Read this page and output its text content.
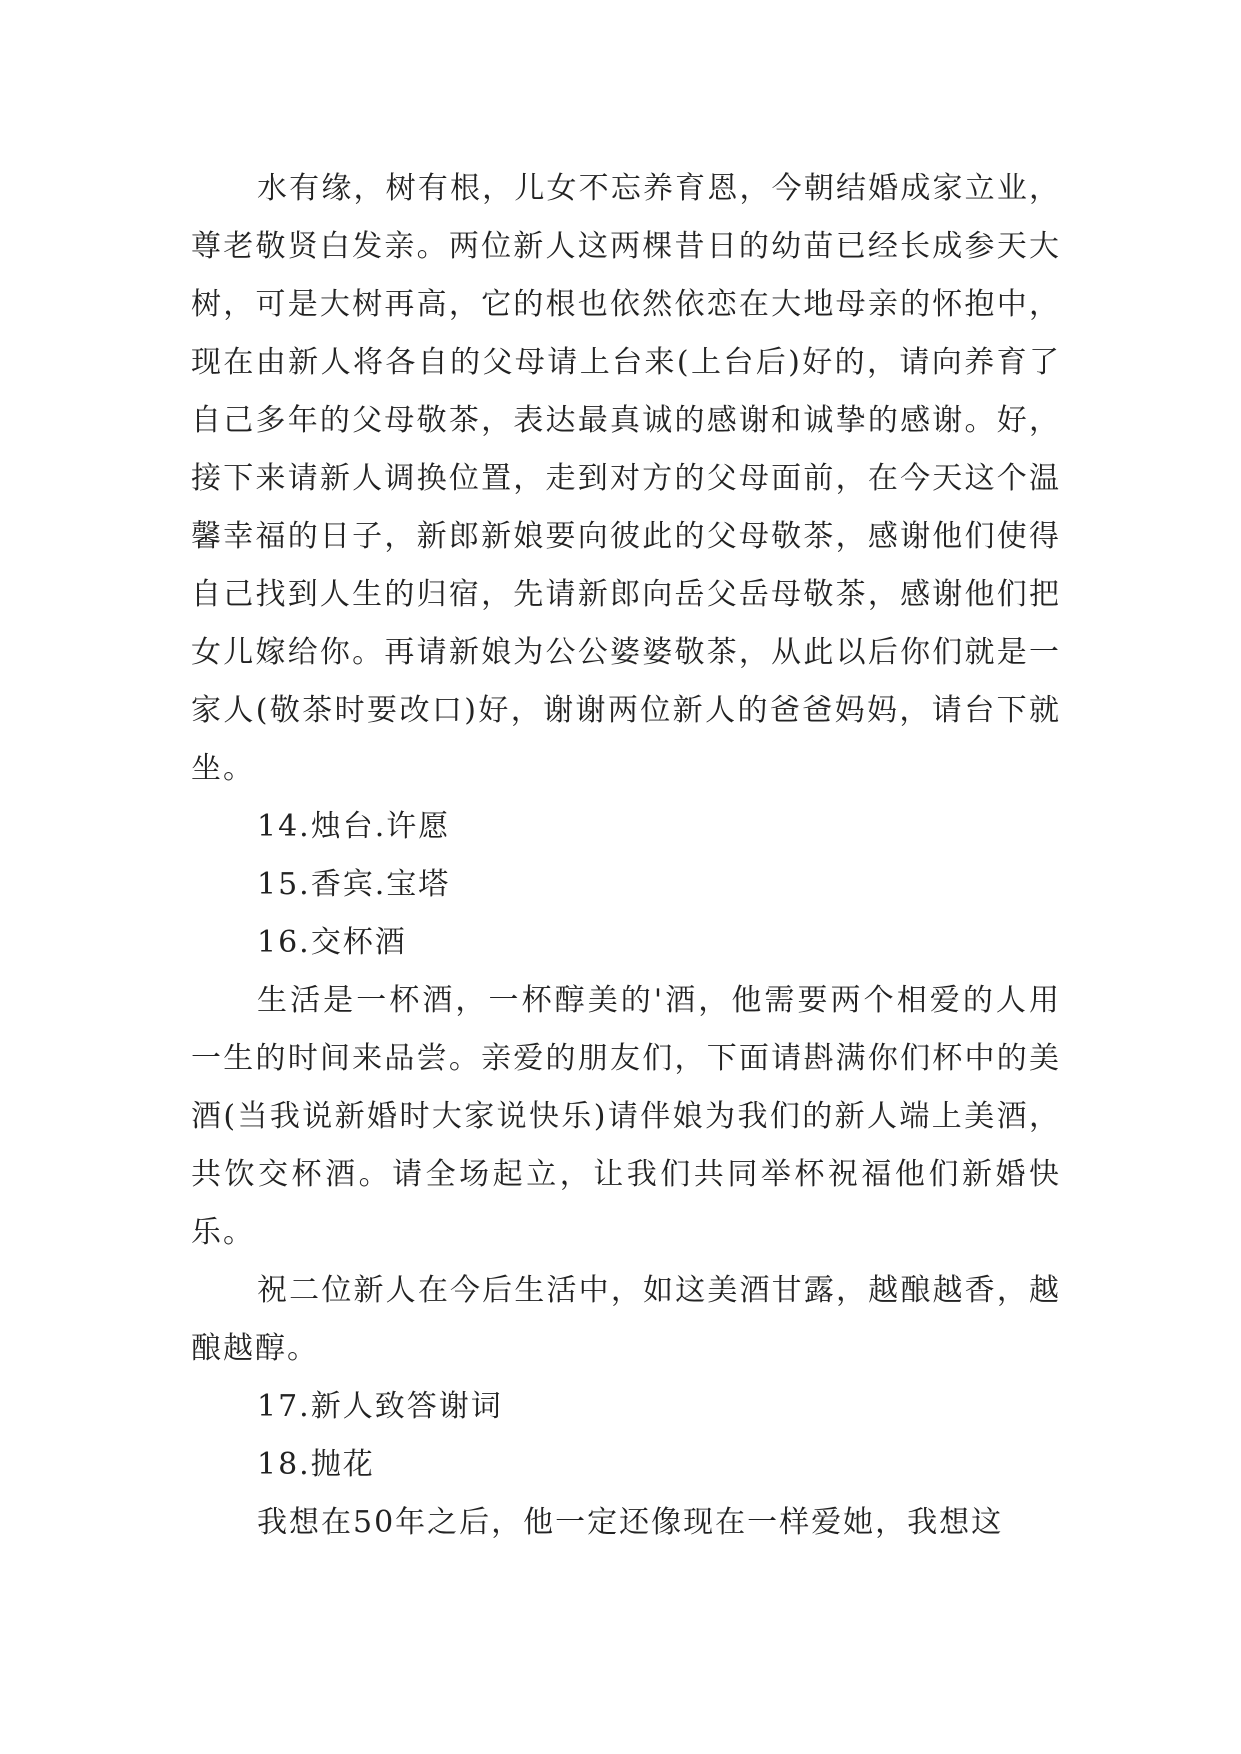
水有缘，树有根，儿女不忘养育恩，今朝结婚成家立业，尊老敬贤白发亲。两位新人这两棵昔日的幼苗已经长成参天大树，可是大树再高，它的根也依然依恋在大地母亲的怀抱中，现在由新人将各自的父母请上台来(上台后)好的，请向养育了自己多年的父母敬茶，表达最真诚的感谢和诚挚的感谢。好，接下来请新人调换位置，走到对方的父母面前，在今天这个温馨幸福的日子，新郎新娘要向彼此的父母敬茶，感谢他们使得自己找到人生的归宿，先请新郎向岳父岳母敬茶，感谢他们把女儿嫁给你。再请新娘为公公婆婆敬茶，从此以后你们就是一家人(敬茶时要改口)好，谢谢两位新人的爸爸妈妈，请台下就坐。

14.烛台.许愿

15.香宾.宝塔

16.交杯酒

生活是一杯酒，一杯醇美的'酒，他需要两个相爱的人用一生的时间来品尝。亲爱的朋友们，下面请斟满你们杯中的美酒(当我说新婚时大家说快乐)请伴娘为我们的新人端上美酒，共饮交杯酒。请全场起立，让我们共同举杯祝福他们新婚快乐。

祝二位新人在今后生活中，如这美酒甘露，越酿越香，越酿越醇。

17.新人致答谢词

18.抛花

我想在50年之后，他一定还像现在一样爱她，我想这
